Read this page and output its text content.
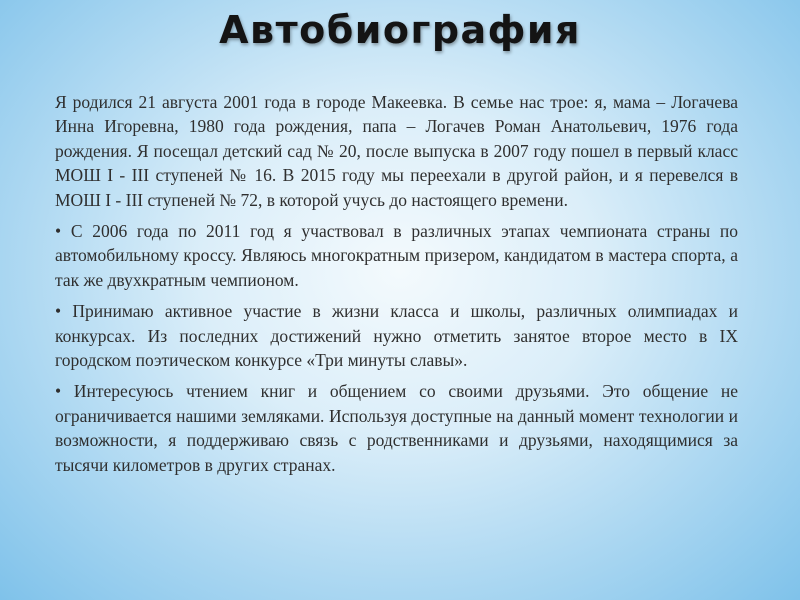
Автобиография

Я родился 21 августа 2001 года в городе Макеевка. В семье нас трое: я, мама – Логачева Инна Игоревна, 1980 года рождения, папа – Логачев Роман Анатольевич, 1976 года рождения. Я посещал детский сад № 20, после выпуска в 2007 году пошел в первый класс МОШ I - III ступеней № 16. В 2015 году мы переехали в другой район, и я перевелся в МОШ I - III ступеней № 72, в которой учусь до настоящего времени.

• С 2006 года по 2011 год я участвовал в различных этапах чемпионата страны по автомобильному кроссу. Являюсь многократным призером, кандидатом в мастера спорта, а так же двухкратным чемпионом.

• Принимаю активное участие в жизни класса и школы, различных олимпиадах и конкурсах. Из последних достижений нужно отметить занятое второе место в IX городском поэтическом конкурсе «Три минуты славы».

• Интересуюсь чтением книг и общением со своими друзьями. Это общение не ограничивается нашими земляками. Используя доступные на данный момент технологии и возможности, я поддерживаю связь с родственниками и друзьями, находящимися за тысячи километров в других странах.
